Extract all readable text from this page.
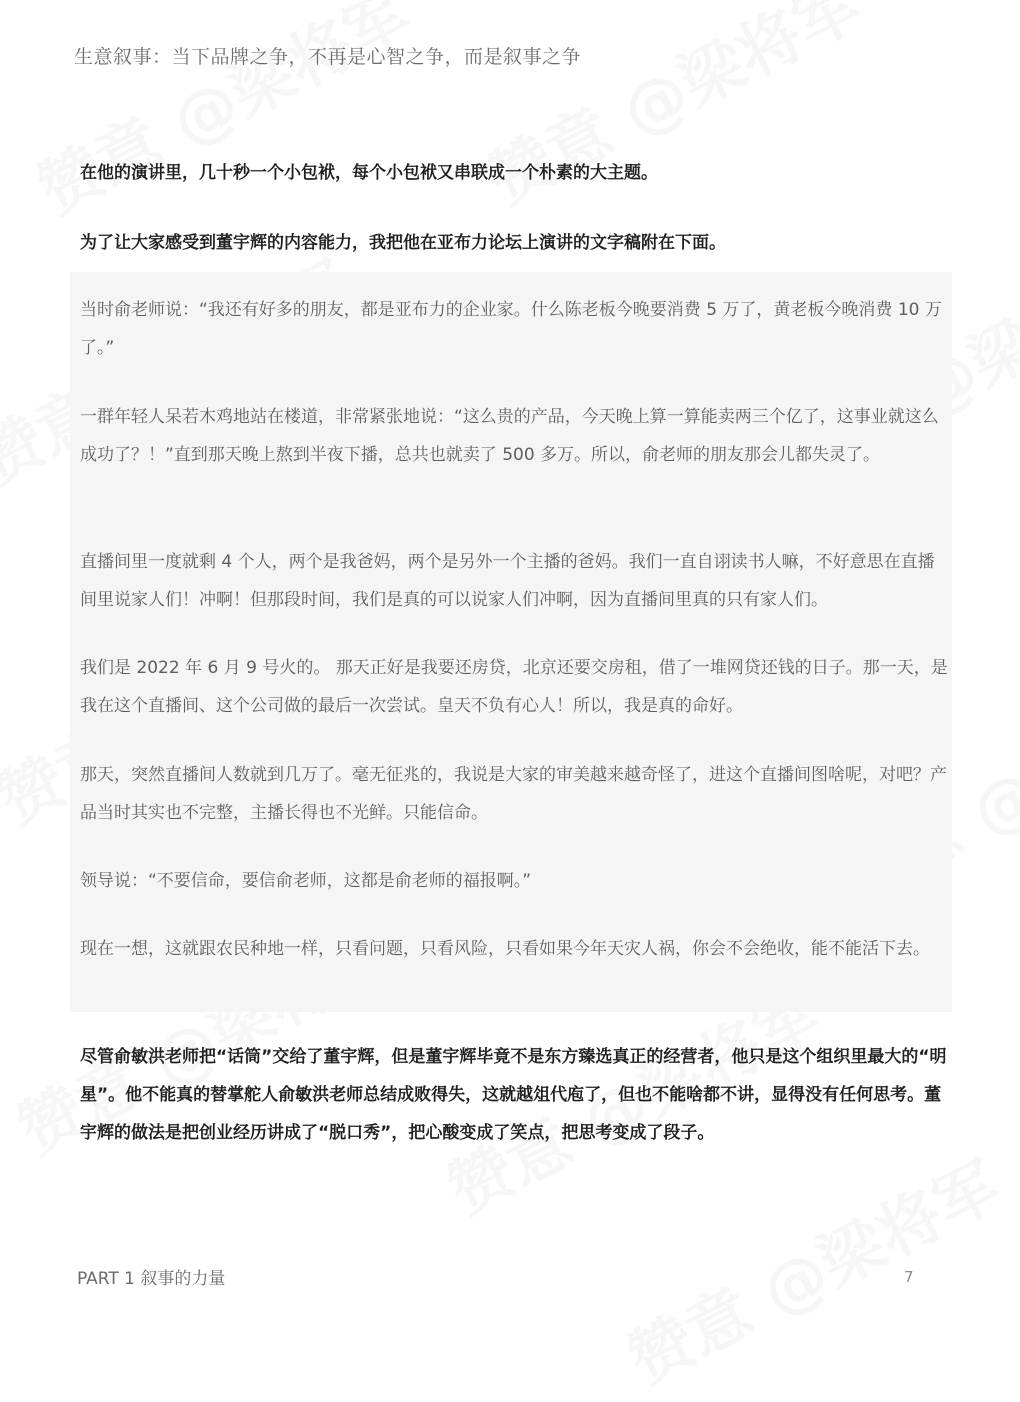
生意叙事：当下品牌之争，不再是心智之争，而是叙事之争

在他的演讲里，几十秒一个小包袱，每个小包袱又串联成一个朴素的大主题。

为了让大家感受到董宇辉的内容能力，我把他在亚布力论坛上演讲的文字稿附在下面。

当时俞老师说：“我还有好多的朋友，都是亚布力的企业家。什么陈老板今晚要消费 5 万了，黄老板今晚消费 10 万了。”

一群年轻人呆若木鸡地站在楼道，非常紧张地说：“这么贵的产品，今天晚上算一算能卖两三个亿了，这事业就这么成功了？！”直到那天晚上熬到半夜下播，总共也就卖了 500 多万。所以，俞老师的朋友那会儿都失灵了。

直播间里一度就剩 4 个人，两个是我爸妈，两个是另外一个主播的爸妈。我们一直自诩读书人嘛，不好意思在直播间里说家人们！冲啊！但那段时间，我们是真的可以说家人们冲啊，因为直播间里真的只有家人们。

我们是 2022 年 6 月 9 号火的。 那天正好是我要还房贷，北京还要交房租，借了一堆网贷还钱的日子。那一天，是我在这个直播间、这个公司做的最后一次尝试。皇天不负有心人！所以，我是真的命好。

那天，突然直播间人数就到几万了。毫无征兆的，我说是大家的审美越来越奇怪了，进这个直播间图啥呢，对吧？产品当时其实也不完整，主播长得也不光鲜。只能信命。

领导说：“不要信命，要信俞老师，这都是俞老师的福报啊。”

现在一想，这就跟农民种地一样，只看问题，只看风险，只看如果今年天灾人祸，你会不会绝收，能不能活下去。

尽管俞敏洪老师把“话筒”交给了董宇辉，但是董宇辉毕竟不是东方臻选真正的经营者，他只是这个组织里最大的“明星”。他不能真的替掌舵人俞敏洪老师总结成败得失，这就越俎代庖了，但也不能啥都不讲，显得没有任何思考。董宇辉的做法是把创业经历讲成了“脱口秀”，把心酸变成了笑点，把思考变成了段子。

PART 1 叙事的力量	7
